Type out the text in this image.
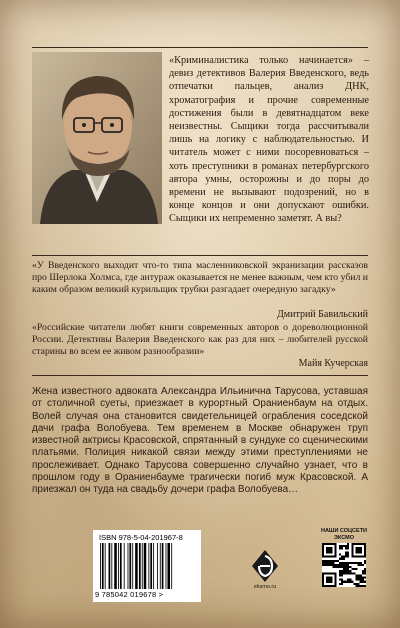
«Криминалистика только начинается» – девиз детективов Валерия Введенского, ведь отпечатки пальцев, анализ ДНК, хроматография и прочие современные достижения были в девятнадцатом веке неизвестны. Сыщики тогда рассчитывали лишь на логику с наблюдательностью. И читатель может с ними посоревноваться – хоть преступники в романах петербургского автора умны, осторожны и до поры до времени не вызывают подозрений, но в конце концов и они допускают ошибки. Сыщики их непременно заметят. А вы?
«У Введенского выходит что-то типа масленниковской экранизации рассказов про Шерлока Холмса, где антураж оказывается не менее важным, чем кто убил и каким образом великий курильщик трубки разгадает очередную загадку»
Дмитрий Бавильский
«Российские читатели любят книги современных авторов о дореволюционной России. Детективы Валерия Введенского как раз для них – любителей русской старины во всем ее живом разнообразии»
Майя Кучерская
Жена известного адвоката Александра Ильинична Тарусова, уставшая от столичной суеты, приезжает в курортный Ораниенбаум на отдых. Волей случая она становится свидетельницей ограбления соседской дачи графа Волобуева. Тем временем в Москве обнаружен труп известной актрисы Красовской, спрятанный в сундуке со сценическими платьями. Полиция никакой связи между этими преступлениями не прослеживает. Однако Тарусова совершенно случайно узнает, что в прошлом году в Ораниенбауме трагически погиб муж Красовской. А приезжал он туда на свадьбу дочери графа Волобуева…
ISBN 978-5-04-201967-8
9 785042 019678 >
eksmo.ru
НАШИ СОЦСЕТИ
ЭКСМО
